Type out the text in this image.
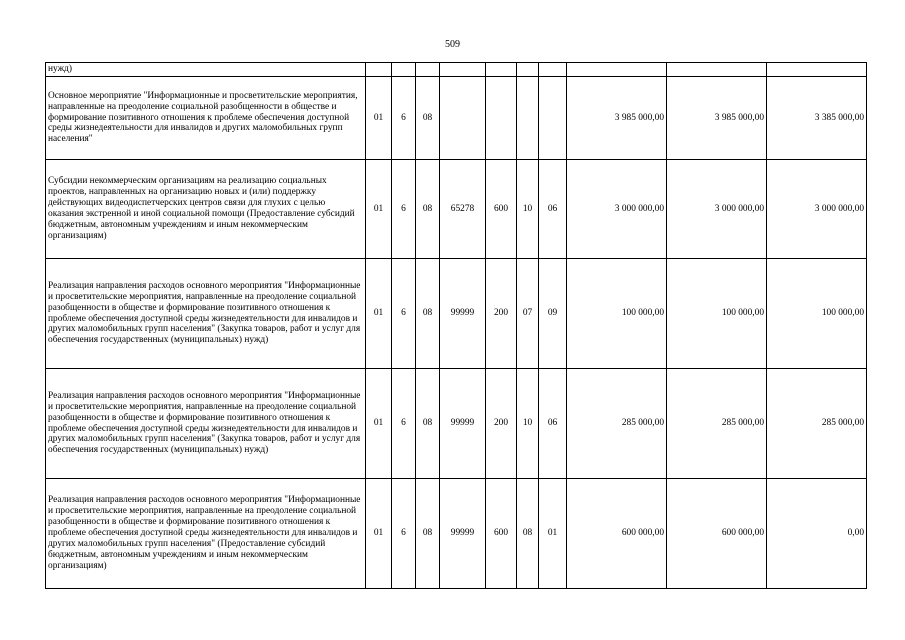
509
нужд)										
Основное мероприятие "Информационные и просветительские мероприятия, направленные на преодоление социальной разобщенности в обществе и формирование позитивного отношения к проблеме обеспечения доступной среды жизнедеятельности для инвалидов и других маломобильных групп населения"	01	6	08					3 985 000,00	3 985 000,00	3 385 000,00
Субсидии некоммерческим организациям на реализацию социальных проектов, направленных на организацию новых и (или) поддержку действующих видеодиспетчерских центров связи для глухих с целью оказания экстренной и иной социальной помощи (Предоставление субсидий бюджетным, автономным учреждениям и иным некоммерческим организациям)	01	6	08	65278	600	10	06	3 000 000,00	3 000 000,00	3 000 000,00
Реализация направления расходов основного мероприятия "Информационные и просветительские мероприятия, направленные на преодоление социальной разобщенности в обществе и формирование позитивного отношения к проблеме обеспечения доступной среды жизнедеятельности для инвалидов и других маломобильных групп населения" (Закупка товаров, работ и услуг для обеспечения государственных (муниципальных) нужд)	01	6	08	99999	200	07	09	100 000,00	100 000,00	100 000,00
Реализация направления расходов основного мероприятия "Информационные и просветительские мероприятия, направленные на преодоление социальной разобщенности в обществе и формирование позитивного отношения к проблеме обеспечения доступной среды жизнедеятельности для инвалидов и других маломобильных групп населения" (Закупка товаров, работ и услуг для обеспечения государственных (муниципальных) нужд)	01	6	08	99999	200	10	06	285 000,00	285 000,00	285 000,00
Реализация направления расходов основного мероприятия "Информационные и просветительские мероприятия, направленные на преодоление социальной разобщенности в обществе и формирование позитивного отношения к проблеме обеспечения доступной среды жизнедеятельности для инвалидов и других маломобильных групп населения" (Предоставление субсидий бюджетным, автономным учреждениям и иным некоммерческим организациям)	01	6	08	99999	600	08	01	600 000,00	600 000,00	0,00
